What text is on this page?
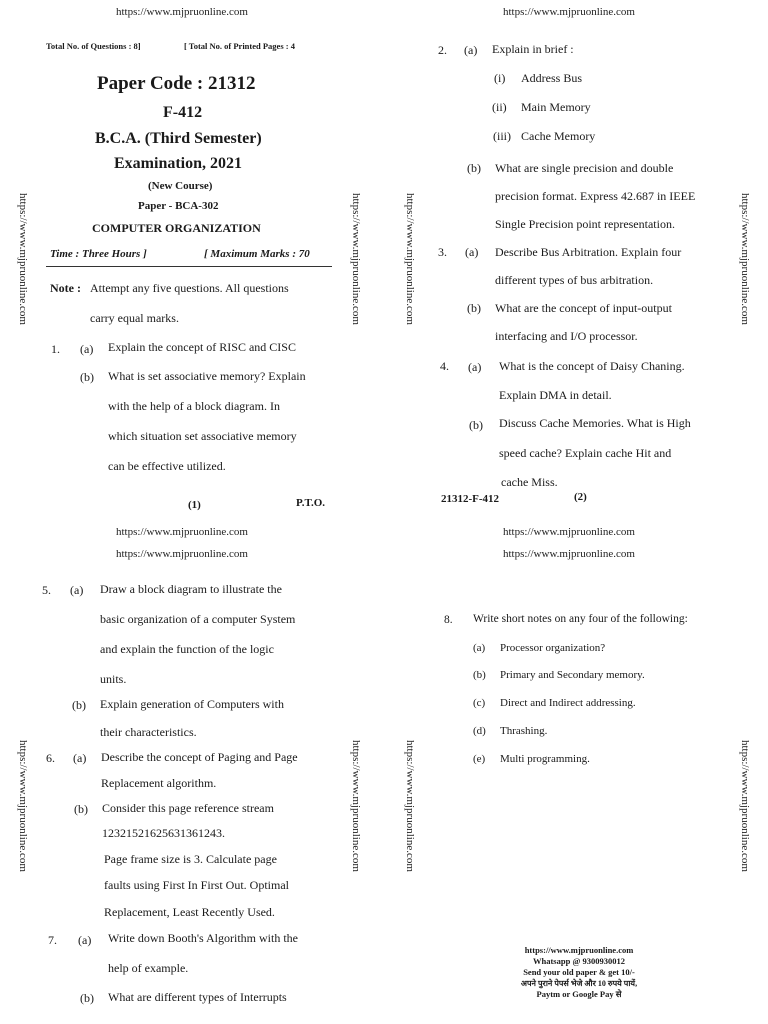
https://www.mjpruonline.com	https://www.mjpruonline.com
https://www.mjpruonline.com	https://www.mjpruonline.com	https://www.mjpruonline.com	https://www.mjpruonline.com
https://www.mjpruonline.com	https://www.mjpruonline.com	https://www.mjpruonline.com	https://www.mjpruonline.com
Total No. of Questions : 8]	[ Total No. of Printed Pages : 4
Paper Code : 21312
F-412
B.C.A. (Third Semester)
Examination, 2021
(New Course)
Paper - BCA-302
COMPUTER ORGANIZATION
Time : Three Hours ]	[ Maximum Marks : 70
Note : Attempt any five questions. All questions
carry equal marks.
1. (a) Explain the concept of RISC and CISC
(b) What is set associative memory? Explain
with the help of a block diagram. In
which situation set associative memory
can be effective utilized.
(1)	P.T.O.
2. (a) Explain in brief :
(i) Address Bus
(ii) Main Memory
(iii) Cache Memory
(b) What are single precision and double
precision format. Express 42.687 in IEEE
Single Precision point representation.
3. (a) Describe Bus Arbitration. Explain four
different types of bus arbitration.
(b) What are the concept of input-output
interfacing and I/O processor.
4. (a) What is the concept of Daisy Chaning.
Explain DMA in detail.
(b) Discuss Cache Memories. What is High
speed cache? Explain cache Hit and
cache Miss.
21312-F-412	(2)
https://www.mjpruonline.com
https://www.mjpruonline.com
https://www.mjpruonline.com
https://www.mjpruonline.com
5. (a) Draw a block diagram to illustrate the
basic organization of a computer System
and explain the function of the logic
units.
(b) Explain generation of Computers with
their characteristics.
6. (a) Describe the concept of Paging and Page
Replacement algorithm.
(b) Consider this page reference stream
12321521625631361243.
Page frame size is 3. Calculate page
faults using First In First Out. Optimal
Replacement, Least Recently Used.
7. (a) Write down Booth's Algorithm with the
help of example.
(b) What are different types of Interrupts
8. Write short notes on any four of the following:
(a) Processor organization?
(b) Primary and Secondary memory.
(c) Direct and Indirect addressing.
(d) Thrashing.
(e) Multi programming.
https://www.mjpruonline.com
Whatsapp @ 9300930012
Send your old paper & get 10/-
अपने पुराने पेपर्स भेजे और 10 रुपये पायें,
Paytm or Google Pay से
